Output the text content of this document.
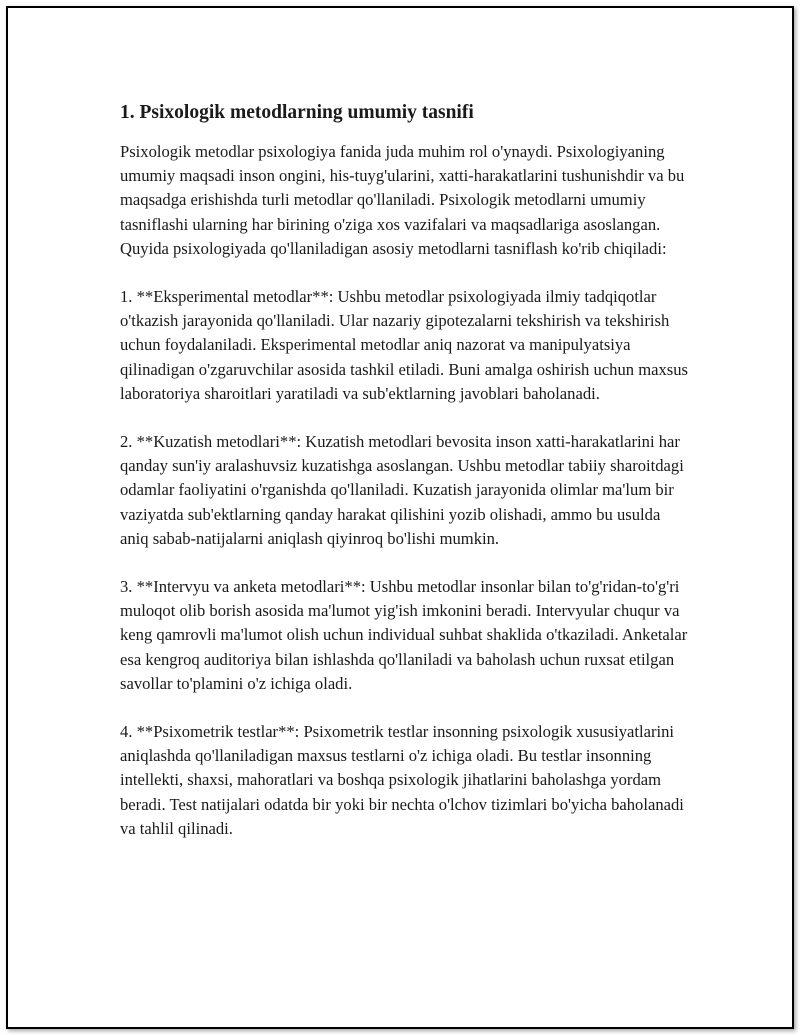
1. Psixologik metodlarning umumiy tasnifi

Psixologik metodlar psixologiya fanida juda muhim rol o'ynaydi. Psixologiyaning umumiy maqsadi inson ongini, his-tuyg'ularini, xatti-harakatlarini tushunishdir va bu maqsadga erishishda turli metodlar qo'llaniladi. Psixologik metodlarni umumiy tasniflashi ularning har birining o'ziga xos vazifalari va maqsadlariga asoslangan. Quyida psixologiyada qo'llaniladigan asosiy metodlarni tasniflash ko'rib chiqiladi:

1. **Eksperimental metodlar**: Ushbu metodlar psixologiyada ilmiy tadqiqotlar o'tkazish jarayonida qo'llaniladi. Ular nazariy gipotezalarni tekshirish va tekshirish uchun foydalaniladi. Eksperimental metodlar aniq nazorat va manipulyatsiya qilinadigan o'zgaruvchilar asosida tashkil etiladi. Buni amalga oshirish uchun maxsus laboratoriya sharoitlari yaratiladi va sub'ektlarning javoblari baholanadi.

2. **Kuzatish metodlari**: Kuzatish metodlari bevosita inson xatti-harakatlarini har qanday sun'iy aralashuvsiz kuzatishga asoslangan. Ushbu metodlar tabiiy sharoitdagi odamlar faoliyatini o'rganishda qo'llaniladi. Kuzatish jarayonida olimlar ma'lum bir vaziyatda sub'ektlarning qanday harakat qilishini yozib olishadi, ammo bu usulda aniq sabab-natijalarni aniqlash qiyinroq bo'lishi mumkin.

3. **Intervyu va anketa metodlari**: Ushbu metodlar insonlar bilan to'g'ridan-to'g'ri muloqot olib borish asosida ma'lumot yig'ish imkonini beradi. Intervyular chuqur va keng qamrovli ma'lumot olish uchun individual suhbat shaklida o'tkaziladi. Anketalar esa kengroq auditoriya bilan ishlashda qo'llaniladi va baholash uchun ruxsat etilgan savollar to'plamini o'z ichiga oladi.

4. **Psixometrik testlar**: Psixometrik testlar insonning psixologik xususiyatlarini aniqlashda qo'llaniladigan maxsus testlarni o'z ichiga oladi. Bu testlar insonning intellekti, shaxsi, mahoratlari va boshqa psixologik jihatlarini baholashga yordam beradi. Test natijalari odatda bir yoki bir nechta o'lchov tizimlari bo'yicha baholanadi va tahlil qilinadi.
